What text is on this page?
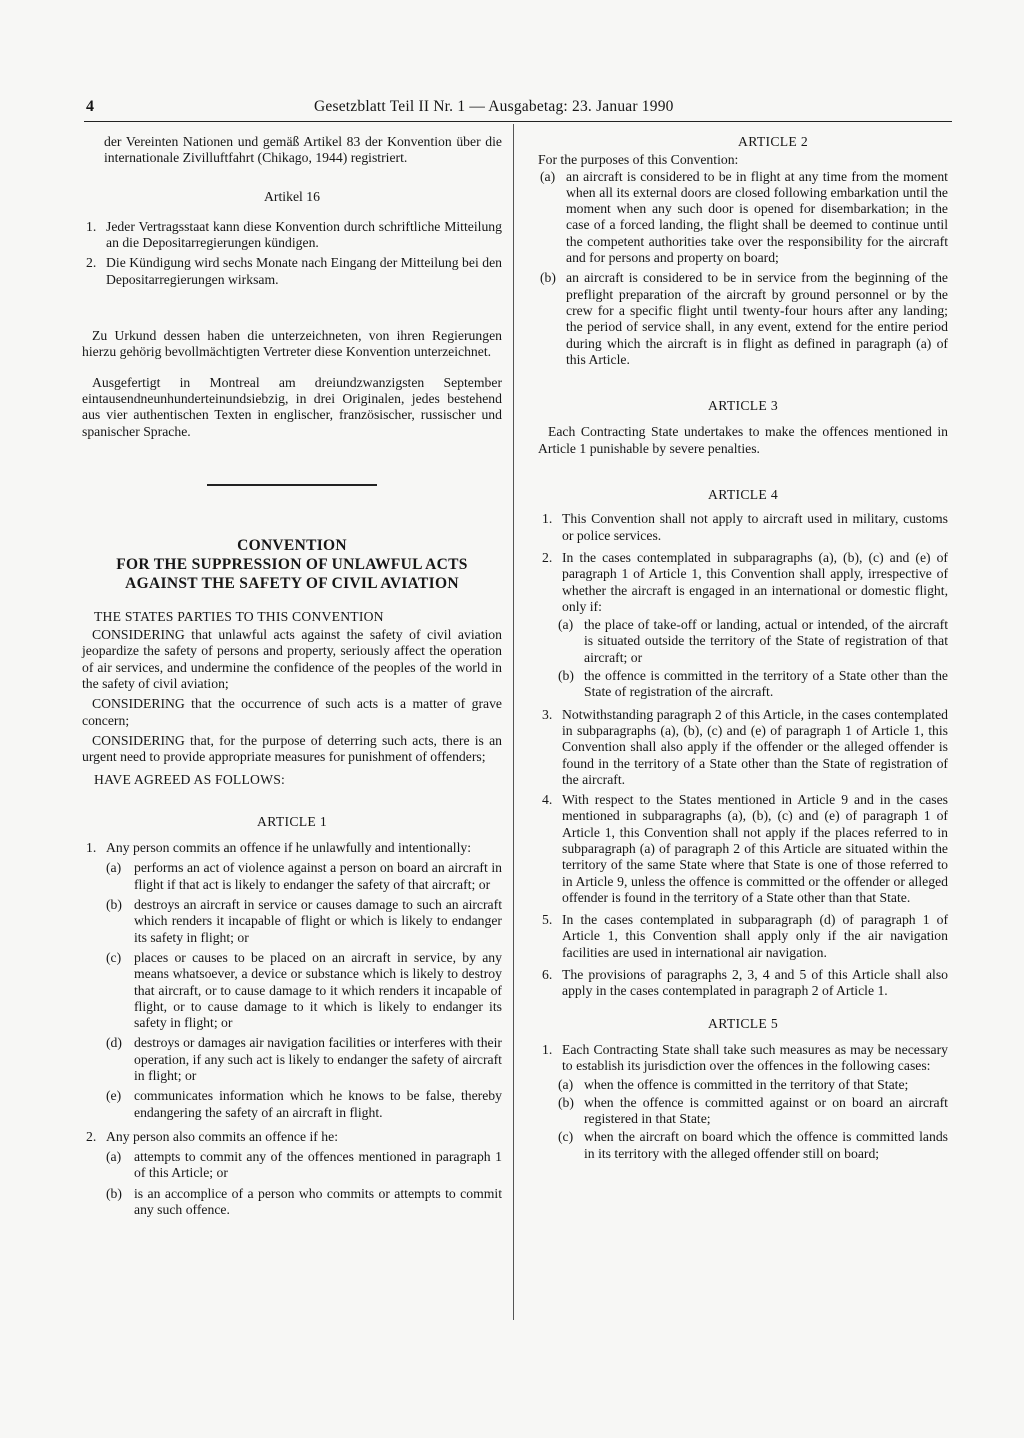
4	Gesetzblatt Teil II Nr. 1 — Ausgabetag: 23. Januar 1990

der Vereinten Nationen und gemäß Artikel 83 der Konvention über die internationale Zivilluftfahrt (Chikago, 1944) registriert.

Artikel 16

1. Jeder Vertragsstaat kann diese Konvention durch schriftliche Mitteilung an die Depositarregierungen kündigen.
2. Die Kündigung wird sechs Monate nach Eingang der Mitteilung bei den Depositarregierungen wirksam.

Zu Urkund dessen haben die unterzeichneten, von ihren Regierungen hierzu gehörig bevollmächtigten Vertreter diese Konvention unterzeichnet.

Ausgefertigt in Montreal am dreiundzwanzigsten September eintausendneunhunderteinundsiebzig, in drei Originalen, jedes bestehend aus vier authentischen Texten in englischer, französischer, russischer und spanischer Sprache.

CONVENTION
FOR THE SUPPRESSION OF UNLAWFUL ACTS
AGAINST THE SAFETY OF CIVIL AVIATION

THE STATES PARTIES TO THIS CONVENTION

CONSIDERING that unlawful acts against the safety of civil aviation jeopardize the safety of persons and property, seriously affect the operation of air services, and undermine the confidence of the peoples of the world in the safety of civil aviation;

CONSIDERING that the occurrence of such acts is a matter of grave concern;

CONSIDERING that, for the purpose of deterring such acts, there is an urgent need to provide appropriate measures for punishment of offenders;

HAVE AGREED AS FOLLOWS:

ARTICLE 1

1. Any person commits an offence if he unlawfully and intentionally:
(a) performs an act of violence against a person on board an aircraft in flight if that act is likely to endanger the safety of that aircraft; or
(b) destroys an aircraft in service or causes damage to such an aircraft which renders it incapable of flight or which is likely to endanger its safety in flight; or
(c) places or causes to be placed on an aircraft in service, by any means whatsoever, a device or substance which is likely to destroy that aircraft, or to cause damage to it which renders it incapable of flight, or to cause damage to it which is likely to endanger its safety in flight; or
(d) destroys or damages air navigation facilities or interferes with their operation, if any such act is likely to endanger the safety of aircraft in flight; or
(e) communicates information which he knows to be false, thereby endangering the safety of an aircraft in flight.
2. Any person also commits an offence if he:
(a) attempts to commit any of the offences mentioned in paragraph 1 of this Article; or
(b) is an accomplice of a person who commits or attempts to commit any such offence.

ARTICLE 2

For the purposes of this Convention:

(a) an aircraft is considered to be in flight at any time from the moment when all its external doors are closed following embarkation until the moment when any such door is opened for disembarkation; in the case of a forced landing, the flight shall be deemed to continue until the competent authorities take over the responsibility for the aircraft and for persons and property on board;
(b) an aircraft is considered to be in service from the beginning of the preflight preparation of the aircraft by ground personnel or by the crew for a specific flight until twenty-four hours after any landing; the period of service shall, in any event, extend for the entire period during which the aircraft is in flight as defined in paragraph (a) of this Article.

ARTICLE 3

Each Contracting State undertakes to make the offences mentioned in Article 1 punishable by severe penalties.

ARTICLE 4

1. This Convention shall not apply to aircraft used in military, customs or police services.
2. In the cases contemplated in subparagraphs (a), (b), (c) and (e) of paragraph 1 of Article 1, this Convention shall apply, irrespective of whether the aircraft is engaged in an international or domestic flight, only if:
(a) the place of take-off or landing, actual or intended, of the aircraft is situated outside the territory of the State of registration of that aircraft; or
(b) the offence is committed in the territory of a State other than the State of registration of the aircraft.
3. Notwithstanding paragraph 2 of this Article, in the cases contemplated in subparagraphs (a), (b), (c) and (e) of paragraph 1 of Article 1, this Convention shall also apply if the offender or the alleged offender is found in the territory of a State other than the State of registration of the aircraft.
4. With respect to the States mentioned in Article 9 and in the cases mentioned in subparagraphs (a), (b), (c) and (e) of paragraph 1 of Article 1, this Convention shall not apply if the places referred to in subparagraph (a) of paragraph 2 of this Article are situated within the territory of the same State where that State is one of those referred to in Article 9, unless the offence is committed or the offender or alleged offender is found in the territory of a State other than that State.
5. In the cases contemplated in subparagraph (d) of paragraph 1 of Article 1, this Convention shall apply only if the air navigation facilities are used in international air navigation.
6. The provisions of paragraphs 2, 3, 4 and 5 of this Article shall also apply in the cases contemplated in paragraph 2 of Article 1.

ARTICLE 5

1. Each Contracting State shall take such measures as may be necessary to establish its jurisdiction over the offences in the following cases:
(a) when the offence is committed in the territory of that State;
(b) when the offence is committed against or on board an aircraft registered in that State;
(c) when the aircraft on board which the offence is committed lands in its territory with the alleged offender still on board;
